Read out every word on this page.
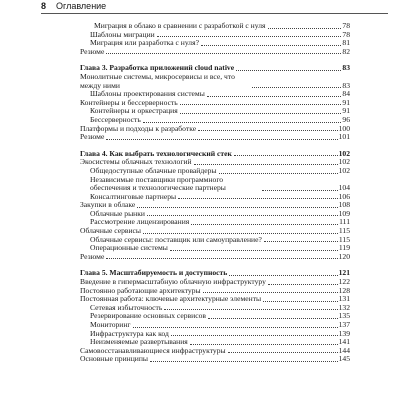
8 Оглавление
Миграция в облако в сравнении с разработкой с нуля	78
Шаблоны миграции	78
Миграция или разработка с нуля?	81
Резюме	82
Глава 3. Разработка приложений cloud native	83
Монолитные системы, микросервисы и все, что между ними	83
Шаблоны проектирования системы	84
Контейнеры и бессерверность	91
Контейнеры и оркестрация	91
Бессерверность	96
Платформы и подходы к разработке	100
Резюме	101
Глава 4. Как выбрать технологический стек	102
Экосистемы облачных технологий	102
Общедоступные облачные провайдеры	102
Независимые поставщики программного обеспечения и технологические партнеры	104
Консалтинговые партнеры	106
Закупки в облаке	108
Облачные рынки	109
Рассмотрение лицензирования	111
Облачные сервисы	115
Облачные сервисы: поставщик или самоуправление?	115
Операционные системы	119
Резюме	120
Глава 5. Масштабируемость и доступность	121
Введение в гипермасштабную облачную инфраструктуру	122
Постоянно работающие архитектуры	128
Постоянная работа: ключевые архитектурные элементы	131
Сетевая избыточность	132
Резервирование основных сервисов	135
Мониторинг	137
Инфраструктура как код	139
Неизменяемые развертывания	141
Самовосстанавливающиеся инфраструктуры	144
Основные принципы	145
